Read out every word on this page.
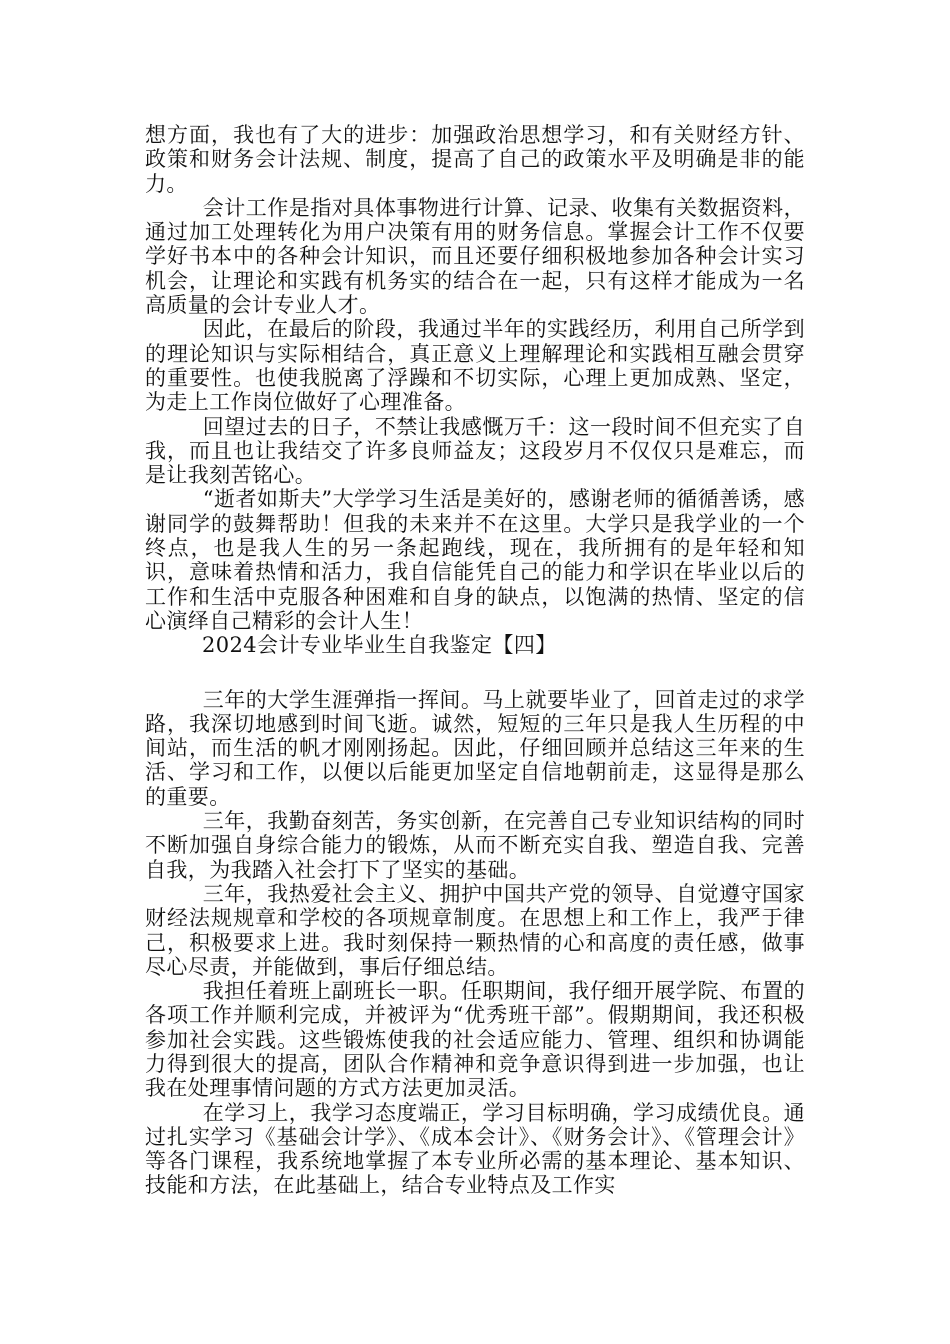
想方面，我也有了大的进步：加强政治思想学习，和有关财经方针、政策和财务会计法规、制度，提高了自己的政策水平及明确是非的能力。

会计工作是指对具体事物进行计算、记录、收集有关数据资料，通过加工处理转化为用户决策有用的财务信息。掌握会计工作不仅要学好书本中的各种会计知识，而且还要仔细积极地参加各种会计实习机会，让理论和实践有机务实的结合在一起，只有这样才能成为一名高质量的会计专业人才。

因此，在最后的阶段，我通过半年的实践经历，利用自己所学到的理论知识与实际相结合，真正意义上理解理论和实践相互融会贯穿的重要性。也使我脱离了浮躁和不切实际，心理上更加成熟、坚定，为走上工作岗位做好了心理准备。

回望过去的日子，不禁让我感慨万千：这一段时间不但充实了自我，而且也让我结交了许多良师益友；这段岁月不仅仅只是难忘，而是让我刻苦铭心。

“逝者如斯夫”大学学习生活是美好的，感谢老师的循循善诱，感谢同学的鼓舞帮助！但我的未来并不在这里。大学只是我学业的一个终点，也是我人生的另一条起跑线，现在，我所拥有的是年轻和知识，意味着热情和活力，我自信能凭自己的能力和学识在毕业以后的工作和生活中克服各种困难和自身的缺点，以饱满的热情、坚定的信心演绎自己精彩的会计人生！

2024会计专业毕业生自我鉴定【四】

三年的大学生涯弹指一挥间。马上就要毕业了，回首走过的求学路，我深切地感到时间飞逝。诚然，短短的三年只是我人生历程的中间站，而生活的帆才刚刚扬起。因此，仔细回顾并总结这三年来的生活、学习和工作，以便以后能更加坚定自信地朝前走，这显得是那么的重要。

三年，我勤奋刻苦，务实创新，在完善自己专业知识结构的同时不断加强自身综合能力的锻炼，从而不断充实自我、塑造自我、完善自我，为我踏入社会打下了坚实的基础。

三年，我热爱社会主义、拥护中国共产党的领导、自觉遵守国家财经法规规章和学校的各项规章制度。在思想上和工作上，我严于律己，积极要求上进。我时刻保持一颗热情的心和高度的责任感，做事尽心尽责，并能做到，事后仔细总结。

我担任着班上副班长一职。任职期间，我仔细开展学院、布置的各项工作并顺利完成，并被评为“优秀班干部”。假期期间，我还积极参加社会实践。这些锻炼使我的社会适应能力、管理、组织和协调能力得到很大的提高，团队合作精神和竞争意识得到进一步加强，也让我在处理事情问题的方式方法更加灵活。

在学习上，我学习态度端正，学习目标明确，学习成绩优良。通过扎实学习《基础会计学》、《成本会计》、《财务会计》、《管理会计》等各门课程，我系统地掌握了本专业所必需的基本理论、基本知识、技能和方法，在此基础上，结合专业特点及工作实
